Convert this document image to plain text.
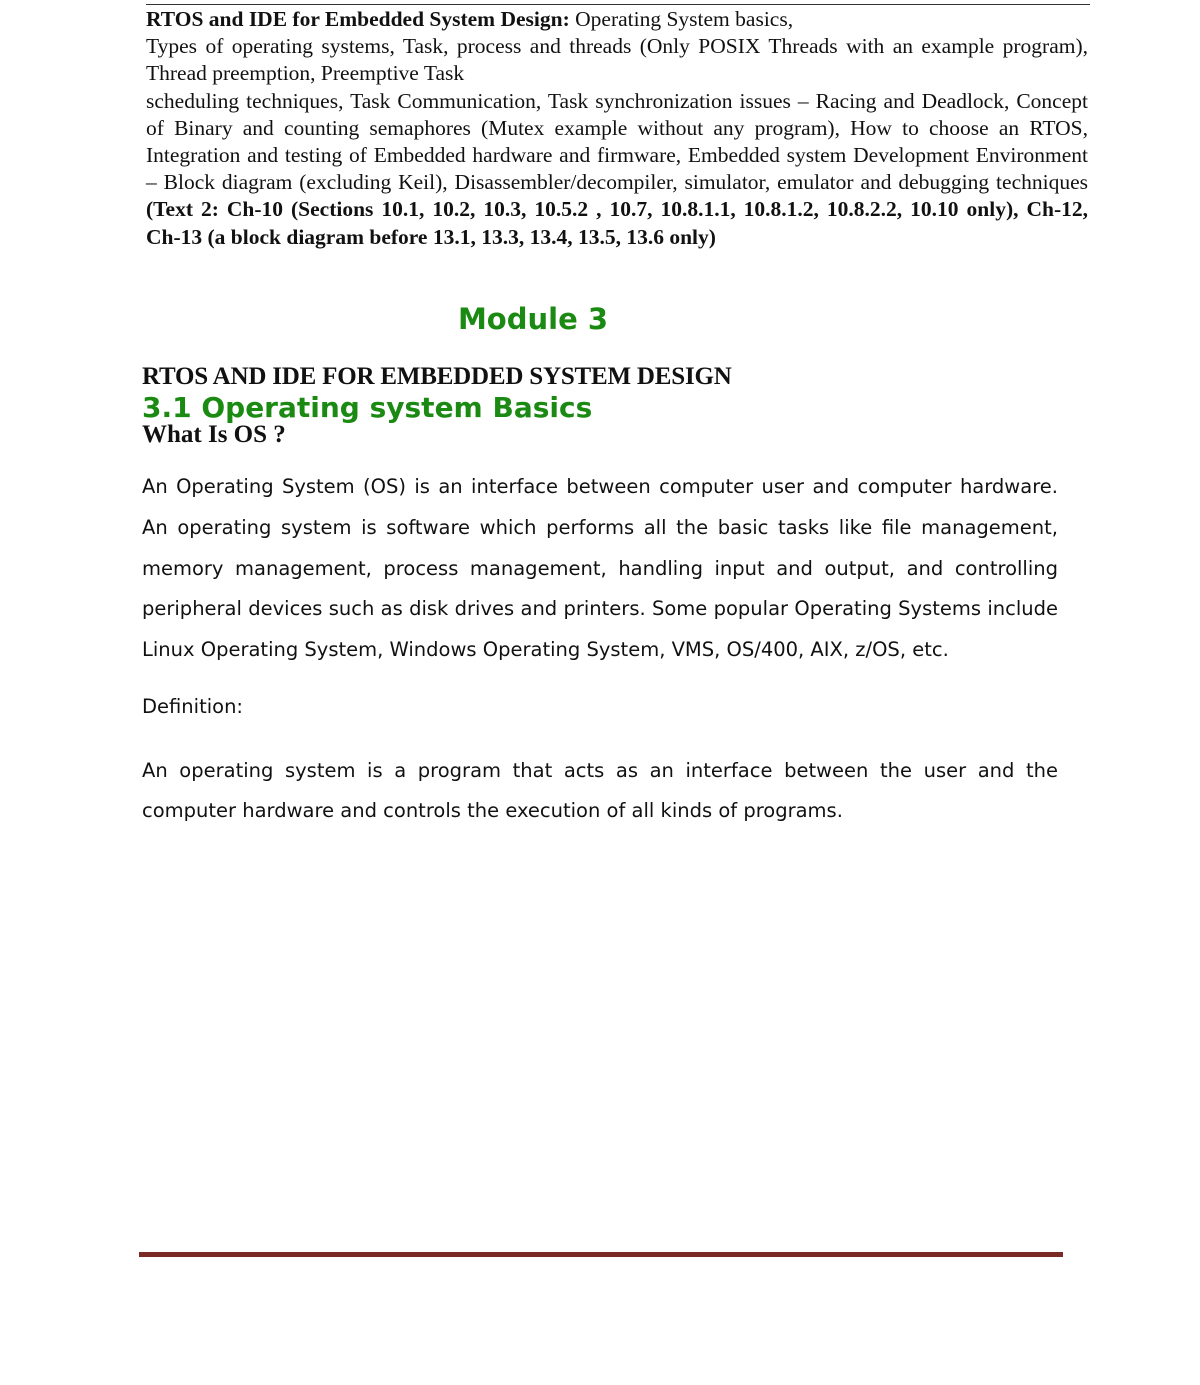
RTOS and IDE for Embedded System Design: Operating System basics,

Types of operating systems, Task, process and threads (Only POSIX Threads with an example program), Thread preemption, Preemptive Task

scheduling techniques, Task Communication, Task synchronization issues – Racing and Deadlock, Concept of Binary and counting semaphores (Mutex example without any program), How to choose an RTOS, Integration and testing of Embedded hardware and firmware, Embedded system Development Environment – Block diagram (excluding Keil), Disassembler/decompiler, simulator, emulator and debugging techniques (Text 2: Ch-10 (Sections 10.1, 10.2, 10.3, 10.5.2 , 10.7, 10.8.1.1, 10.8.1.2, 10.8.2.2, 10.10 only), Ch-12, Ch-13 (a block diagram before 13.1, 13.3, 13.4, 13.5, 13.6 only)

Module 3
RTOS AND IDE FOR EMBEDDED SYSTEM DESIGN
3.1 Operating system Basics
What Is OS ?

An Operating System (OS) is an interface between computer user and computer hardware. An operating system is software which performs all the basic tasks like file management, memory management, process management, handling input and output, and controlling peripheral devices such as disk drives and printers. Some popular Operating Systems include Linux Operating System, Windows Operating System, VMS, OS/400, AIX, z/OS, etc.

Definition:

An operating system is a program that acts as an interface between the user and the computer hardware and controls the execution of all kinds of programs.
